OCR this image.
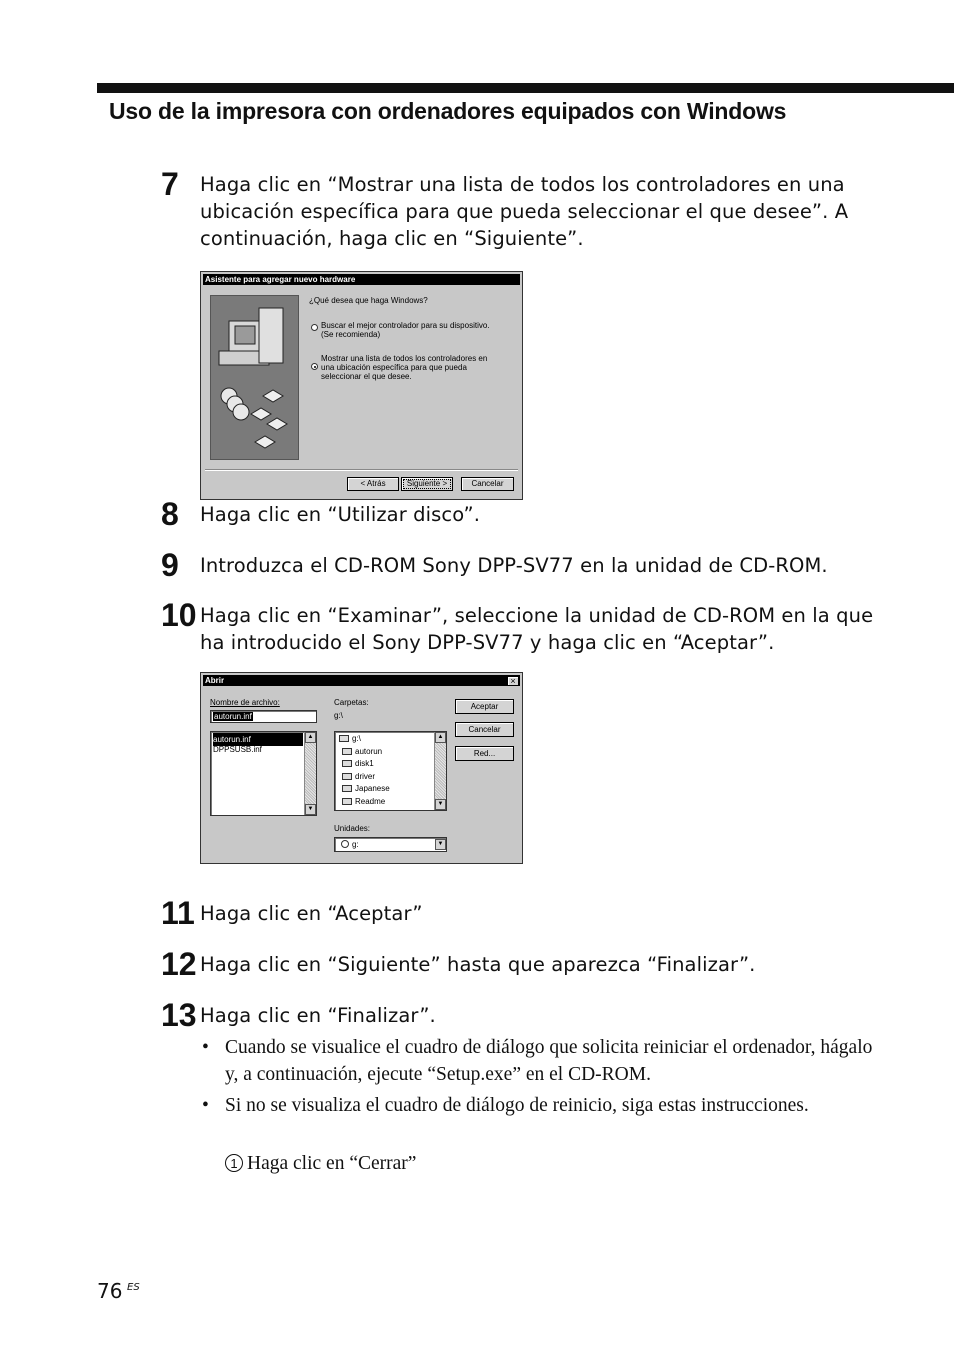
Uso de la impresora con ordenadores equipados con Windows
7 Haga clic en “Mostrar una lista de todos los controladores en una ubicación específica para que pueda seleccionar el que desee”. A continuación, haga clic en “Siguiente”.
Asistente para agregar nuevo hardware
¿Qué desea que haga Windows?
Buscar el mejor controlador para su dispositivo. (Se recomienda)
Mostrar una lista de todos los controladores en una ubicación específica para que pueda seleccionar el que desee.
< Atrás	Siguiente >	Cancelar
8 Haga clic en “Utilizar disco”.
9 Introduzca el CD-ROM Sony DPP-SV77 en la unidad de CD-ROM.
10 Haga clic en “Examinar”, seleccione la unidad de CD-ROM en la que ha introducido el Sony DPP-SV77 y haga clic en “Aceptar”.
Abrir	×
Nombre de archivo:
autorun.inf
autorun.inf
DPPSUSB.inf
▲
▼
Carpetas:
g:\
g:\
autorun
disk1
driver
Japanese
Readme
▲
▼
Unidades:
g:	▼
Aceptar
Cancelar
Red...
11 Haga clic en “Aceptar”
12 Haga clic en “Siguiente” hasta que aparezca “Finalizar”.
13 Haga clic en “Finalizar”.
• Cuando se visualice el cuadro de diálogo que solicita reiniciar el ordenador, hágalo y, a continuación, ejecute “Setup.exe” en el CD-ROM.
• Si no se visualiza el cuadro de diálogo de reinicio, siga estas instrucciones.
1 Haga clic en “Cerrar”
76 ES
